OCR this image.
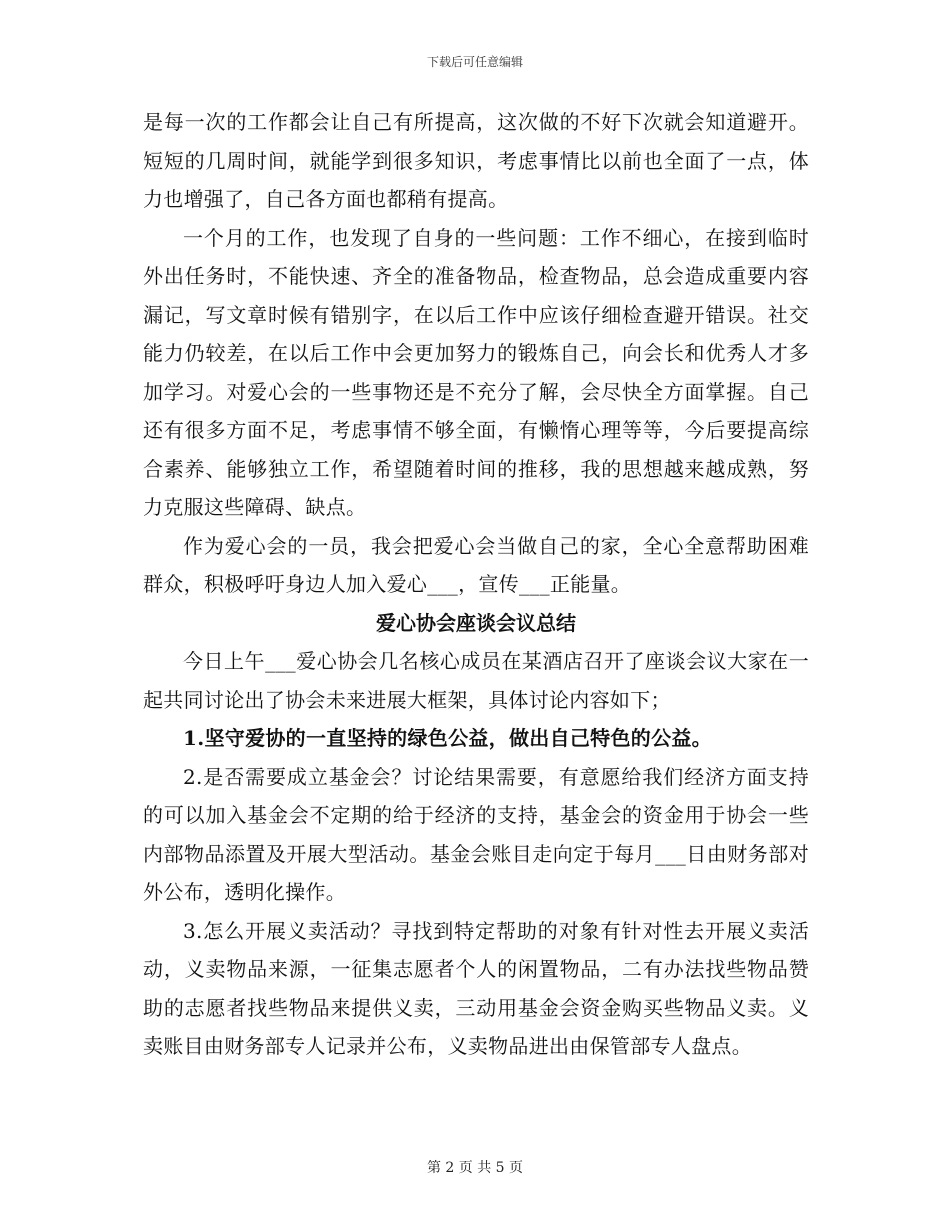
下载后可任意编辑

是每一次的工作都会让自己有所提高，这次做的不好下次就会知道避开。短短的几周时间，就能学到很多知识，考虑事情比以前也全面了一点，体力也增强了，自己各方面也都稍有提高。

一个月的工作，也发现了自身的一些问题：工作不细心，在接到临时外出任务时，不能快速、齐全的准备物品，检查物品，总会造成重要内容漏记，写文章时候有错别字，在以后工作中应该仔细检查避开错误。社交能力仍较差，在以后工作中会更加努力的锻炼自己，向会长和优秀人才多加学习。对爱心会的一些事物还是不充分了解，会尽快全方面掌握。自己还有很多方面不足，考虑事情不够全面，有懒惰心理等等，今后要提高综合素养、能够独立工作，希望随着时间的推移，我的思想越来越成熟，努力克服这些障碍、缺点。

作为爱心会的一员，我会把爱心会当做自己的家，全心全意帮助困难群众，积极呼吁身边人加入爱心___，宣传___正能量。

爱心协会座谈会议总结

今日上午___爱心协会几名核心成员在某酒店召开了座谈会议大家在一起共同讨论出了协会未来进展大框架，具体讨论内容如下；

1.坚守爱协的一直坚持的绿色公益，做出自己特色的公益。

2.是否需要成立基金会？讨论结果需要，有意愿给我们经济方面支持的可以加入基金会不定期的给于经济的支持，基金会的资金用于协会一些内部物品添置及开展大型活动。基金会账目走向定于每月___日由财务部对外公布，透明化操作。

3.怎么开展义卖活动？寻找到特定帮助的对象有针对性去开展义卖活动，义卖物品来源，一征集志愿者个人的闲置物品，二有办法找些物品赞助的志愿者找些物品来提供义卖，三动用基金会资金购买些物品义卖。义卖账目由财务部专人记录并公布，义卖物品进出由保管部专人盘点。

第 2 页 共 5 页
